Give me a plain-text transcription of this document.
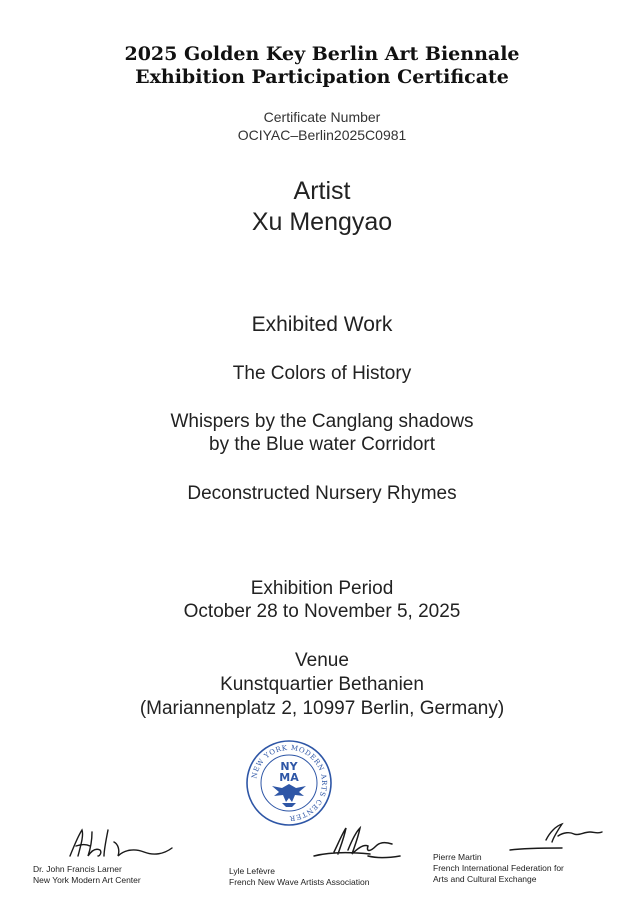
2025 Golden Key Berlin Art Biennale
Exhibition Participation Certificate
Certificate Number
OCIYAC–Berlin2025C0981
Artist
Xu Mengyao
Exhibited Work
The Colors of History
Whispers by the Canglang shadows
by the Blue water Corridort
Deconstructed Nursery Rhymes
Exhibition Period
October 28 to November 5, 2025
Venue
Kunstquartier Bethanien
(Mariannenplatz 2, 10997 Berlin, Germany)
NEW YORK MODERN ARTS CENTER
NY
MA
Dr. John Francis Larner
New York Modern Art Center
Lyle Lefèvre
French New Wave Artists Association
Pierre Martin
French International Federation for
Arts and Cultural Exchange
